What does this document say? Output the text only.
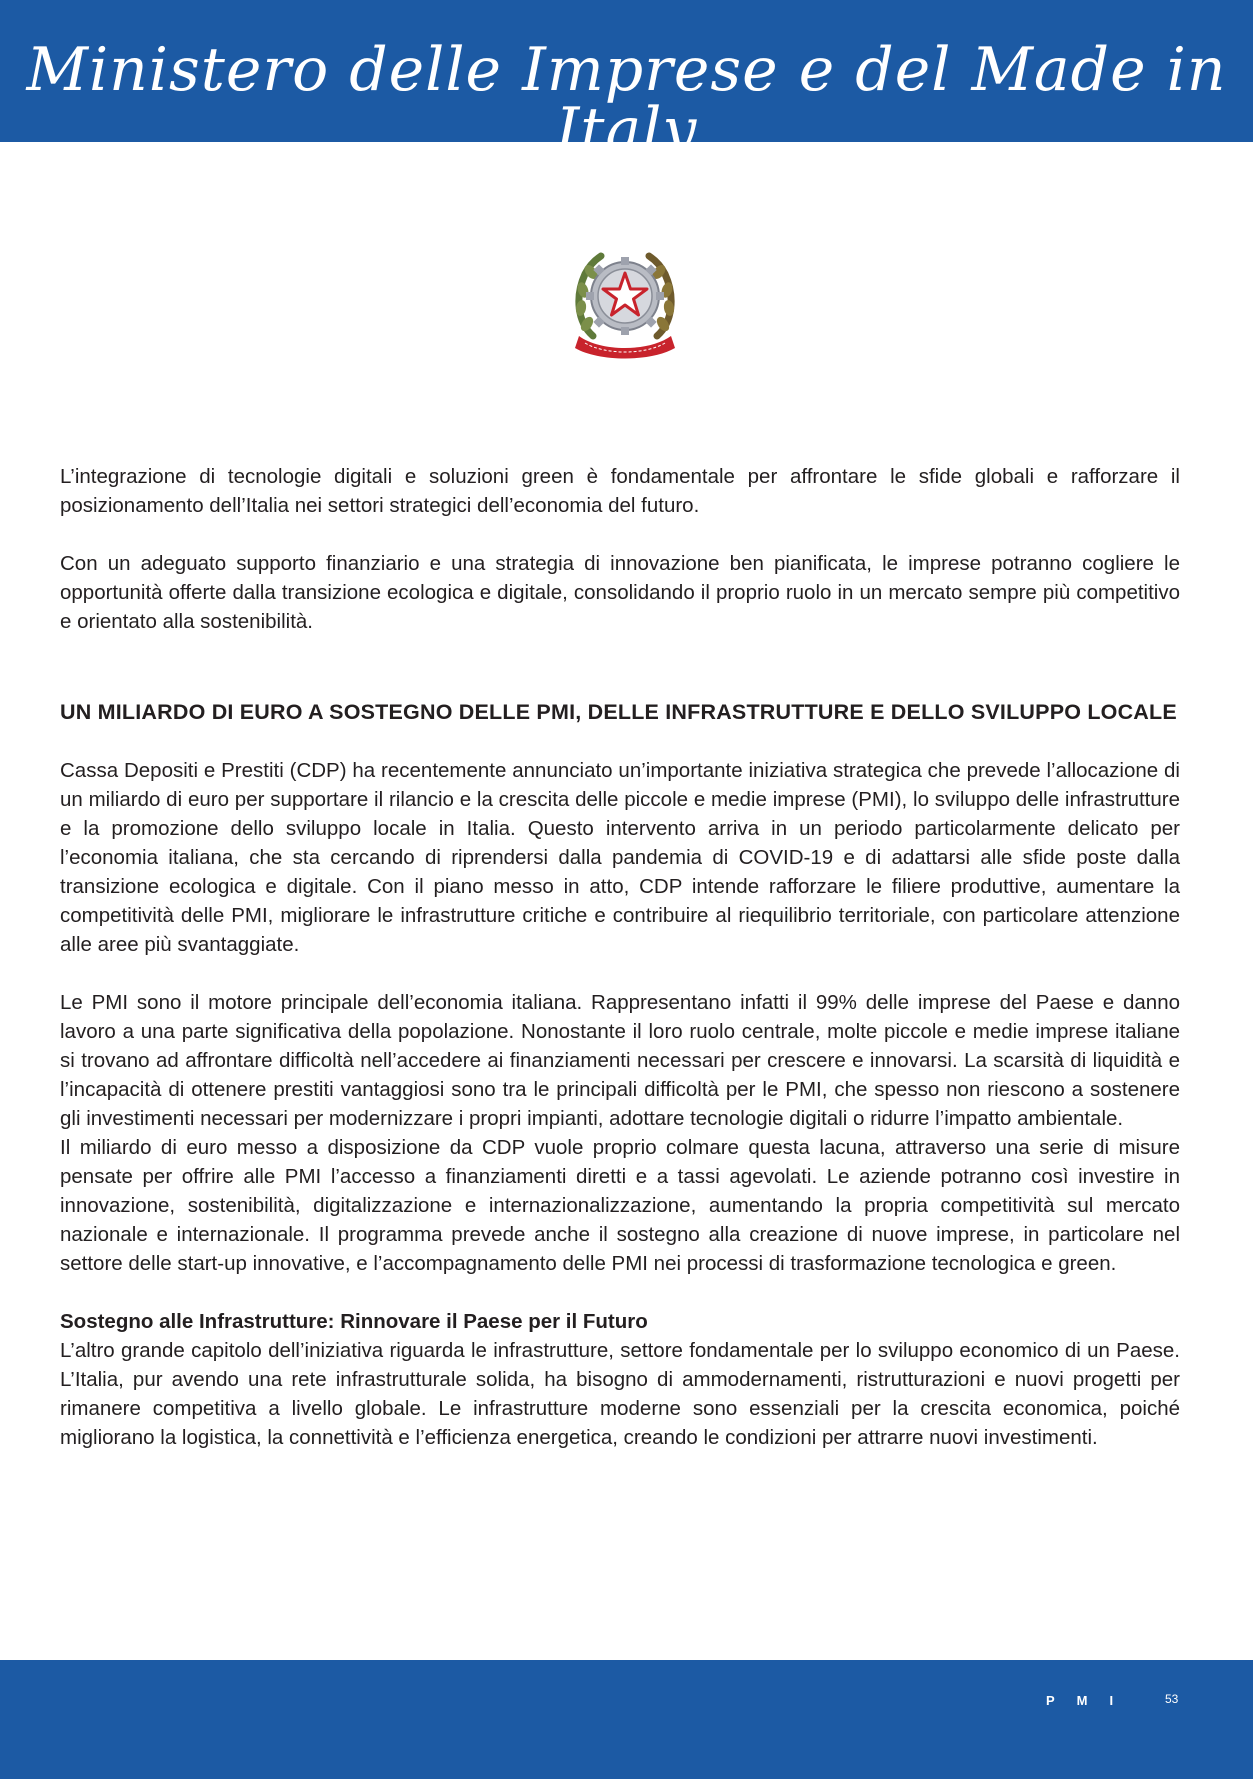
Ministero delle Imprese e del Made in Italy

L’integrazione di tecnologie digitali e soluzioni green è fondamentale per affrontare le sfide globali e rafforzare il posizionamento dell’Italia nei settori strategici dell’economia del futuro.

Con un adeguato supporto finanziario e una strategia di innovazione ben pianificata, le imprese potranno cogliere le opportunità offerte dalla transizione ecologica e digitale, consolidando il proprio ruolo in un mercato sempre più competitivo e orientato alla sostenibilità.

UN MILIARDO DI EURO A SOSTEGNO DELLE PMI, DELLE INFRASTRUTTURE E DELLO SVILUPPO LOCALE

Cassa Depositi e Prestiti (CDP) ha recentemente annunciato un’importante iniziativa strategica che prevede l’allocazione di un miliardo di euro per supportare il rilancio e la crescita delle piccole e medie imprese (PMI), lo sviluppo delle infrastrutture e la promozione dello sviluppo locale in Italia. Questo intervento arriva in un periodo particolarmente delicato per l’economia italiana, che sta cercando di riprendersi dalla pandemia di COVID-19 e di adattarsi alle sfide poste dalla transizione ecologica e digitale. Con il piano messo in atto, CDP intende rafforzare le filiere produttive, aumentare la competitività delle PMI, migliorare le infrastrutture critiche e contribuire al riequilibrio territoriale, con particolare attenzione alle aree più svantaggiate.

Le PMI sono il motore principale dell’economia italiana. Rappresentano infatti il 99% delle imprese del Paese e danno lavoro a una parte significativa della popolazione. Nonostante il loro ruolo centrale, molte piccole e medie imprese italiane si trovano ad affrontare difficoltà nell’accedere ai finanziamenti necessari per crescere e innovarsi. La scarsità di liquidità e l’incapacità di ottenere prestiti vantaggiosi sono tra le principali difficoltà per le PMI, che spesso non riescono a sostenere gli investimenti necessari per modernizzare i propri impianti, adottare tecnologie digitali o ridurre l’impatto ambientale.

Il miliardo di euro messo a disposizione da CDP vuole proprio colmare questa lacuna, attraverso una serie di misure pensate per offrire alle PMI l’accesso a finanziamenti diretti e a tassi agevolati. Le aziende potranno così investire in innovazione, sostenibilità, digitalizzazione e internazionalizzazione, aumentando la propria competitività sul mercato nazionale e internazionale. Il programma prevede anche il sostegno alla creazione di nuove imprese, in particolare nel settore delle start-up innovative, e l’accompagnamento delle PMI nei processi di trasformazione tecnologica e green.

Sostegno alle Infrastrutture: Rinnovare il Paese per il Futuro

L’altro grande capitolo dell’iniziativa riguarda le infrastrutture, settore fondamentale per lo sviluppo economico di un Paese. L’Italia, pur avendo una rete infrastrutturale solida, ha bisogno di ammodernamenti, ristrutturazioni e nuovi progetti per rimanere competitiva a livello globale. Le infrastrutture moderne sono essenziali per la crescita economica, poiché migliorano la logistica, la connettività e l’efficienza energetica, creando le condizioni per attrarre nuovi investimenti.

PMI 53
